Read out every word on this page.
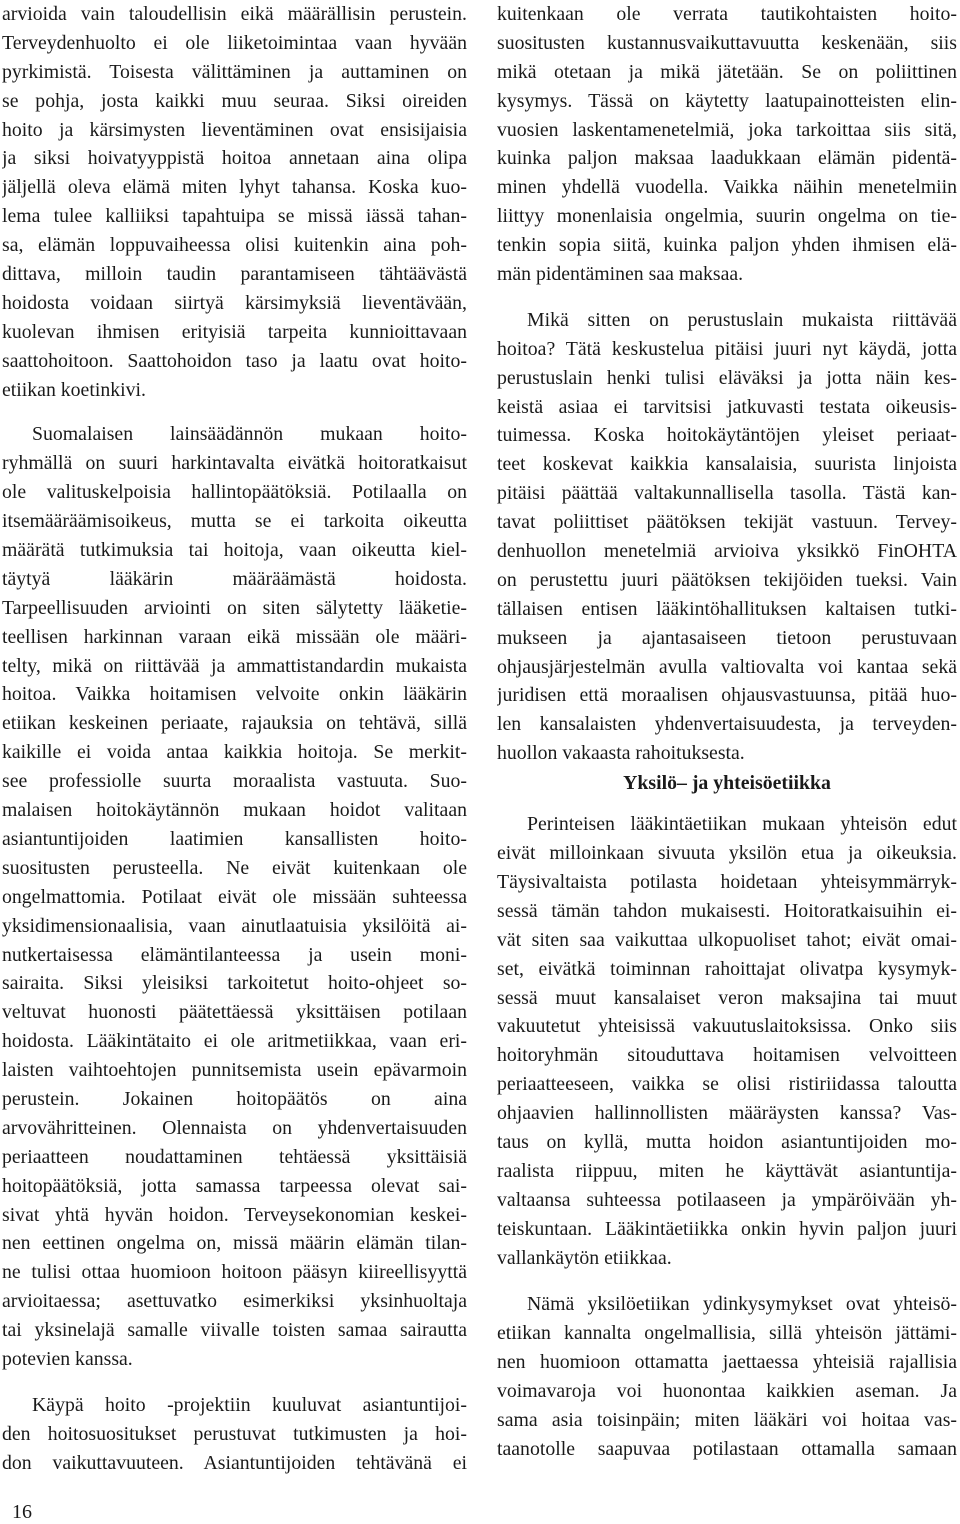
arvioida vain taloudellisin eikä määrällisin perustein.
Terveydenhuolto ei ole liiketoimintaa vaan hyvään
pyrkimistä. Toisesta välittäminen ja auttaminen on
se pohja, josta kaikki muu seuraa. Siksi oireiden
hoito ja kärsimysten lieventäminen ovat ensisijaisia
ja siksi hoivatyyppistä hoitoa annetaan aina olipa
jäljellä oleva elämä miten lyhyt tahansa. Koska kuo-
lema tulee kalliiksi tapahtuipa se missä iässä tahan-
sa, elämän loppuvaiheessa olisi kuitenkin aina poh-
dittava, milloin taudin parantamiseen tähtäävästä
hoidosta voidaan siirtyä kärsimyksiä lieventävään,
kuolevan ihmisen erityisiä tarpeita kunnioittavaan
saattohoitoon. Saattohoidon taso ja laatu ovat hoito-
etiikan koetinkivi.
Suomalaisen lainsäädännön mukaan hoito-
ryhmällä on suuri harkintavalta eivätkä hoitoratkaisut
ole valituskelpoisia hallintopäätöksiä. Potilaalla on
itsemääräämisoikeus, mutta se ei tarkoita oikeutta
määrätä tutkimuksia tai hoitoja, vaan oikeutta kiel-
täytyä lääkärin määräämästä hoidosta.
Tarpeellisuuden arviointi on siten sälytetty lääketie-
teellisen harkinnan varaan eikä missään ole määri-
telty, mikä on riittävää ja ammattistandardin mukaista
hoitoa. Vaikka hoitamisen velvoite onkin lääkärin
etiikan keskeinen periaate, rajauksia on tehtävä, sillä
kaikille ei voida antaa kaikkia hoitoja. Se merkit-
see professiolle suurta moraalista vastuuta. Suo-
malaisen hoitokäytännön mukaan hoidot valitaan
asiantuntijoiden laatimien kansallisten hoito-
suositusten perusteella. Ne eivät kuitenkaan ole
ongelmattomia. Potilaat eivät ole missään suhteessa
yksidimensionaalisia, vaan ainutlaatuisia yksilöitä ai-
nutkertaisessa elämäntilanteessa ja usein moni-
sairaita. Siksi yleisiksi tarkoitetut hoito-ohjeet so-
veltuvat huonosti päätettäessä yksittäisen potilaan
hoidosta. Lääkintätaito ei ole aritmetiikkaa, vaan eri-
laisten vaihtoehtojen punnitsemista usein epävarmoin
perustein. Jokainen hoitopäätös on aina
arvovähritteinen. Olennaista on yhdenvertaisuuden
periaatteen noudattaminen tehtäessä yksittäisiä
hoitopäätöksiä, jotta samassa tarpeessa olevat sai-
sivat yhtä hyvän hoidon. Terveysekonomian keskei-
nen eettinen ongelma on, missä määrin elämän tilan-
ne tulisi ottaa huomioon hoitoon pääsyn kiireellisyyttä
arvioitaessa; asettuvatko esimerkiksi yksinhuoltaja
tai yksinelajä samalle viivalle toisten samaa sairautta
potevien kanssa.
Käypä hoito -projektiin kuuluvat asiantuntijoi-
den hoitosuositukset perustuvat tutkimusten ja hoi-
don vaikuttavuuteen. Asiantuntijoiden tehtävänä ei
kuitenkaan ole verrata tautikohtaisten hoito-
suositusten kustannusvaikuttavuutta keskenään, siis
mikä otetaan ja mikä jätetään. Se on poliittinen
kysymys. Tässä on käytetty laatupainotteisten elin-
vuosien laskentamenetelmiä, joka tarkoittaa siis sitä,
kuinka paljon maksaa laadukkaan elämän pidentä-
minen yhdellä vuodella. Vaikka näihin menetelmiin
liittyy monenlaisia ongelmia, suurin ongelma on tie-
tenkin sopia siitä, kuinka paljon yhden ihmisen elä-
män pidentäminen saa maksaa.
Mikä sitten on perustuslain mukaista riittävää
hoitoa? Tätä keskustelua pitäisi juuri nyt käydä, jotta
perustuslain henki tulisi eläväksi ja jotta näin kes-
keistä asiaa ei tarvitsisi jatkuvasti testata oikeusis-
tuimessa. Koska hoitokäytäntöjen yleiset periaat-
teet koskevat kaikkia kansalaisia, suurista linjoista
pitäisi päättää valtakunnallisella tasolla. Tästä kan-
tavat poliittiset päätöksen tekijät vastuun. Tervey-
denhuollon menetelmiä arvioiva yksikkö FinOHTA
on perustettu juuri päätöksen tekijöiden tueksi. Vain
tällaisen entisen lääkintöhallituksen kaltaisen tutki-
mukseen ja ajantasaiseen tietoon perustuvaan
ohjausjärjestelmän avulla valtiovalta voi kantaa sekä
juridisen että moraalisen ohjausvastuunsa, pitää huo-
len kansalaisten yhdenvertaisuudesta, ja terveyden-
huollon vakaasta rahoituksesta.
Yksilö– ja yhteisöetiikka
Perinteisen lääkintäetiikan mukaan yhteisön edut
eivät milloinkaan sivuuta yksilön etua ja oikeuksia.
Täysivaltaista potilasta hoidetaan yhteisymmärryk-
sessä tämän tahdon mukaisesti. Hoitoratkaisuihin ei-
vät siten saa vaikuttaa ulkopuoliset tahot; eivät omai-
set, eivätkä toiminnan rahoittajat olivatpa kysymyk-
sessä muut kansalaiset veron maksajina tai muut
vakuutetut yhteisissä vakuutuslaitoksissa. Onko siis
hoitoryhmän sitouduttava hoitamisen velvoitteen
periaatteeseen, vaikka se olisi ristiriidassa taloutta
ohjaavien hallinnollisten määräysten kanssa? Vas-
taus on kyllä, mutta hoidon asiantuntijoiden mo-
raalista riippuu, miten he käyttävät asiantuntija-
valtaansa suhteessa potilaaseen ja ympäröivään yh-
teiskuntaan. Lääkintäetiikka onkin hyvin paljon juuri
vallankäytön etiikkaa.
Nämä yksilöetiikan ydinkysymykset ovat yhteisö-
etiikan kannalta ongelmallisia, sillä yhteisön jättämi-
nen huomioon ottamatta jaettaessa yhteisiä rajallisia
voimavaroja voi huonontaa kaikkien aseman. Ja
sama asia toisinpäin; miten lääkäri voi hoitaa vas-
taanotolle saapuvaa potilastaan ottamalla samaan
16
